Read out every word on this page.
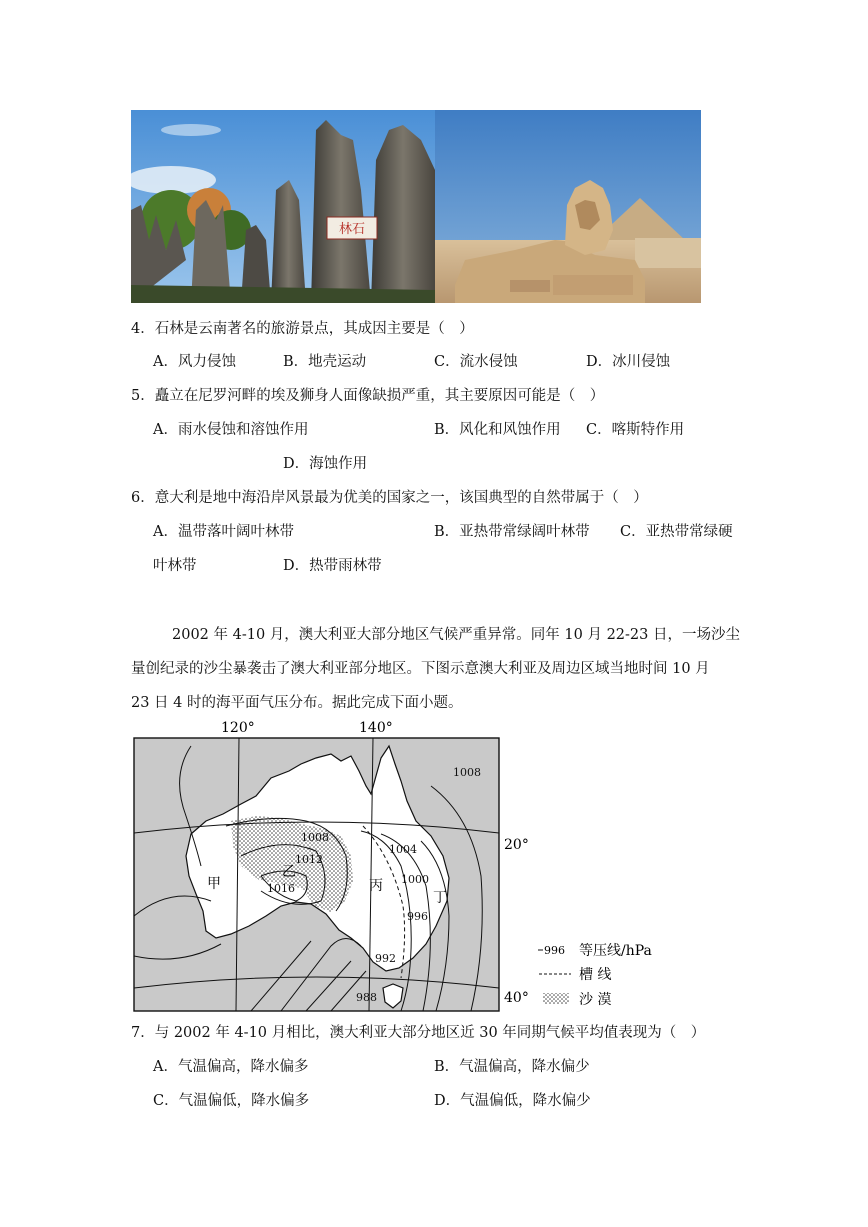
林石
4．石林是云南著名的旅游景点，其成因主要是（　）
A．风力侵蚀	B．地壳运动	C．流水侵蚀	D．冰川侵蚀
5．矗立在尼罗河畔的埃及狮身人面像缺损严重，其主要原因可能是（　）
A．雨水侵蚀和溶蚀作用	B．风化和风蚀作用 C．喀斯特作用
D．海蚀作用
6．意大利是地中海沿岸风景最为优美的国家之一，该国典型的自然带属于（　）
A．温带落叶阔叶林带	B．亚热带常绿阔叶林带 C．亚热带常绿硬
叶林带	D．热带雨林带
2002 年 4-10 月，澳大利亚大部分地区气候严重异常。同年 10 月 22-23 日，一场沙尘
量创纪录的沙尘暴袭击了澳大利亚部分地区。下图示意澳大利亚及周边区域当地时间 10 月
23 日 4 时的海平面气压分布。据此完成下面小题。
120°	140°
20°
40°
1008
1008
1012
1016
1004
1000
996
992
988
甲
乙
丙
丁
996 等压线/hPa
槽 线
沙 漠
7．与 2002 年 4-10 月相比，澳大利亚大部分地区近 30 年同期气候平均值表现为（　）
A．气温偏高，降水偏多	B．气温偏高，降水偏少
C．气温偏低，降水偏多	D．气温偏低，降水偏少
